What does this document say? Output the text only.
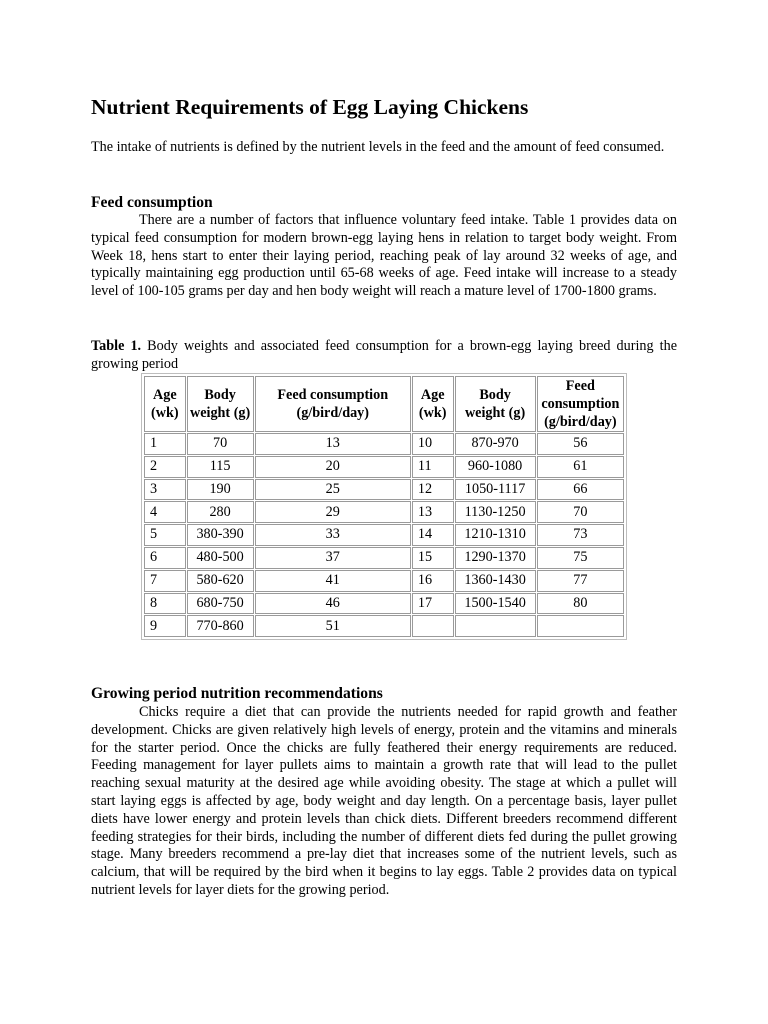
Nutrient Requirements of Egg Laying Chickens

The intake of nutrients is defined by the nutrient levels in the feed and the amount of feed consumed.

Feed consumption

There are a number of factors that influence voluntary feed intake. Table 1 provides data on typical feed consumption for modern brown-egg laying hens in relation to target body weight. From Week 18, hens start to enter their laying period, reaching peak of lay around 32 weeks of age, and typically maintaining egg production until 65-68 weeks of age. Feed intake will increase to a steady level of 100-105 grams per day and hen body weight will reach a mature level of 1700-1800 grams.

Table 1. Body weights and associated feed consumption for a brown-egg laying breed during the growing period

Age (wk)	Body weight (g)	Feed consumption (g/bird/day)	Age (wk)	Body weight (g)	Feed consumption (g/bird/day)
1	70	13	10	870-970	56
2	115	20	11	960-1080	61
3	190	25	12	1050-1117	66
4	280	29	13	1130-1250	70
5	380-390	33	14	1210-1310	73
6	480-500	37	15	1290-1370	75
7	580-620	41	16	1360-1430	77
8	680-750	46	17	1500-1540	80
9	770-860	51			
Growing period nutrition recommendations

Chicks require a diet that can provide the nutrients needed for rapid growth and feather development. Chicks are given relatively high levels of energy, protein and the vitamins and minerals for the starter period. Once the chicks are fully feathered their energy requirements are reduced. Feeding management for layer pullets aims to maintain a growth rate that will lead to the pullet reaching sexual maturity at the desired age while avoiding obesity. The stage at which a pullet will start laying eggs is affected by age, body weight and day length. On a percentage basis, layer pullet diets have lower energy and protein levels than chick diets. Different breeders recommend different feeding strategies for their birds, including the number of different diets fed during the pullet growing stage. Many breeders recommend a pre-lay diet that increases some of the nutrient levels, such as calcium, that will be required by the bird when it begins to lay eggs. Table 2 provides data on typical nutrient levels for layer diets for the growing period.
